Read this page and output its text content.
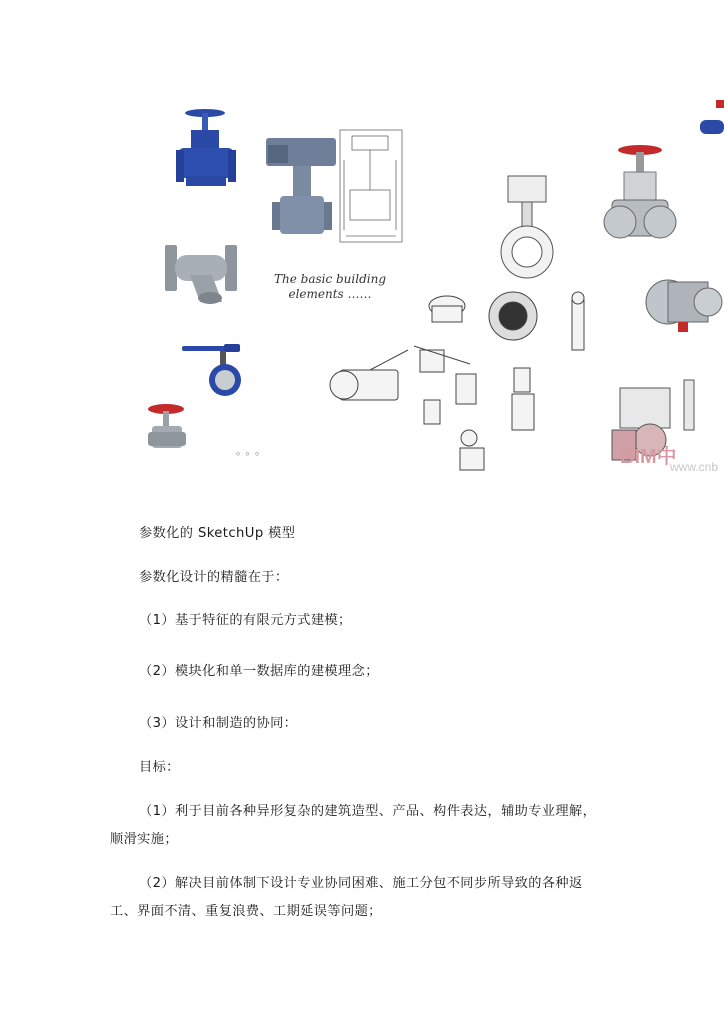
The basic building
elements ……
。。。	BIM中
www.cnb
参数化的 SketchUp 模型
参数化设计的精髓在于：
（1）基于特征的有限元方式建模；
（2）模块化和单一数据库的建模理念；
（3）设计和制造的协同：
目标：
（1）利于目前各种异形复杂的建筑造型、产品、构件表达，辅助专业理解，
顺滑实施；
（2）解决目前体制下设计专业协同困难、施工分包不同步所导致的各种返
工、界面不清、重复浪费、工期延误等问题；
